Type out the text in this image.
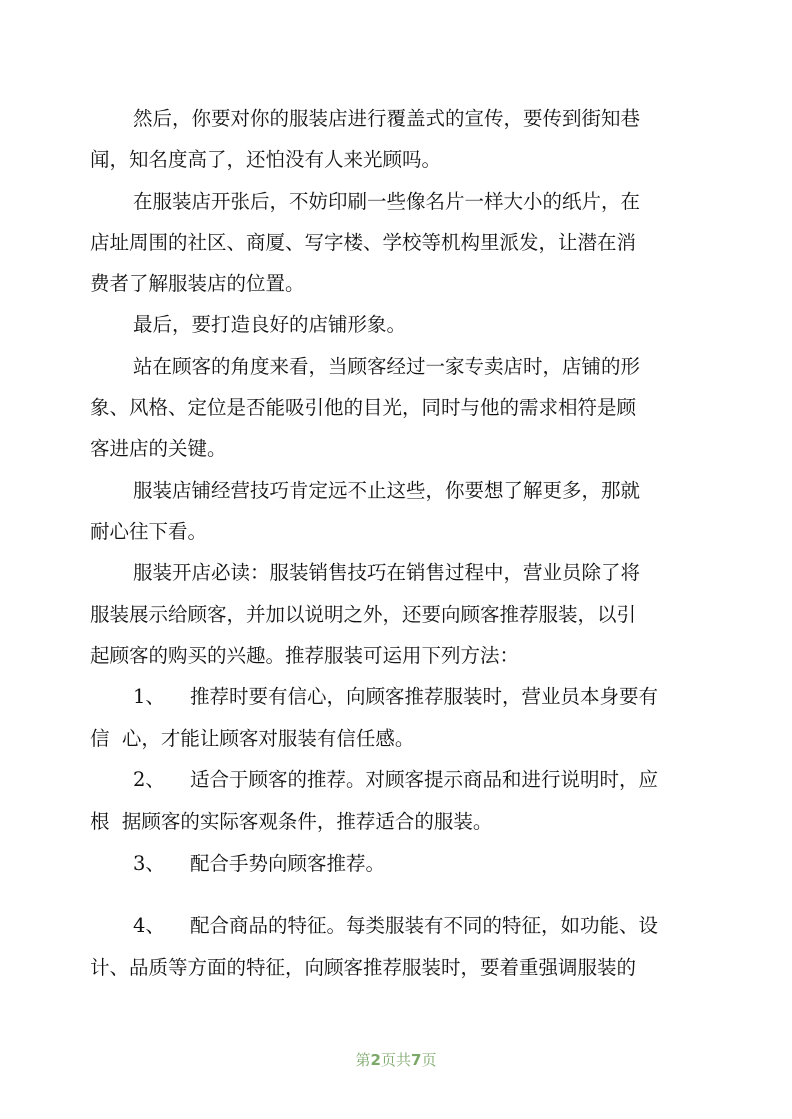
然后，你要对你的服装店进行覆盖式的宣传，要传到街知巷

闻，知名度高了，还怕没有人来光顾吗。

在服装店开张后，不妨印刷一些像名片一样大小的纸片，在

店址周围的社区、商厦、写字楼、学校等机构里派发，让潜在消

费者了解服装店的位置。

最后，要打造良好的店铺形象。

站在顾客的角度来看，当顾客经过一家专卖店时，店铺的形

象、风格、定位是否能吸引他的目光，同时与他的需求相符是顾

客进店的关键。

服装店铺经营技巧肯定远不止这些，你要想了解更多，那就

耐心往下看。

服装开店必读：服装销售技巧在销售过程中，营业员除了将

服装展示给顾客，并加以说明之外，还要向顾客推荐服装，以引

起顾客的购买的兴趣。推荐服装可运用下列方法：

1、 推荐时要有信心，向顾客推荐服装时，营业员本身要有
信  心，才能让顾客对服装有信任感。
2、 适合于顾客的推荐。对顾客提示商品和进行说明时，应
根  据顾客的实际客观条件，推荐适合的服装。
3、 配合手势向顾客推荐。
4、 配合商品的特征。每类服装有不同的特征，如功能、设
计、品质等方面的特征，向顾客推荐服装时，要着重强调服装的
第2页共7页
